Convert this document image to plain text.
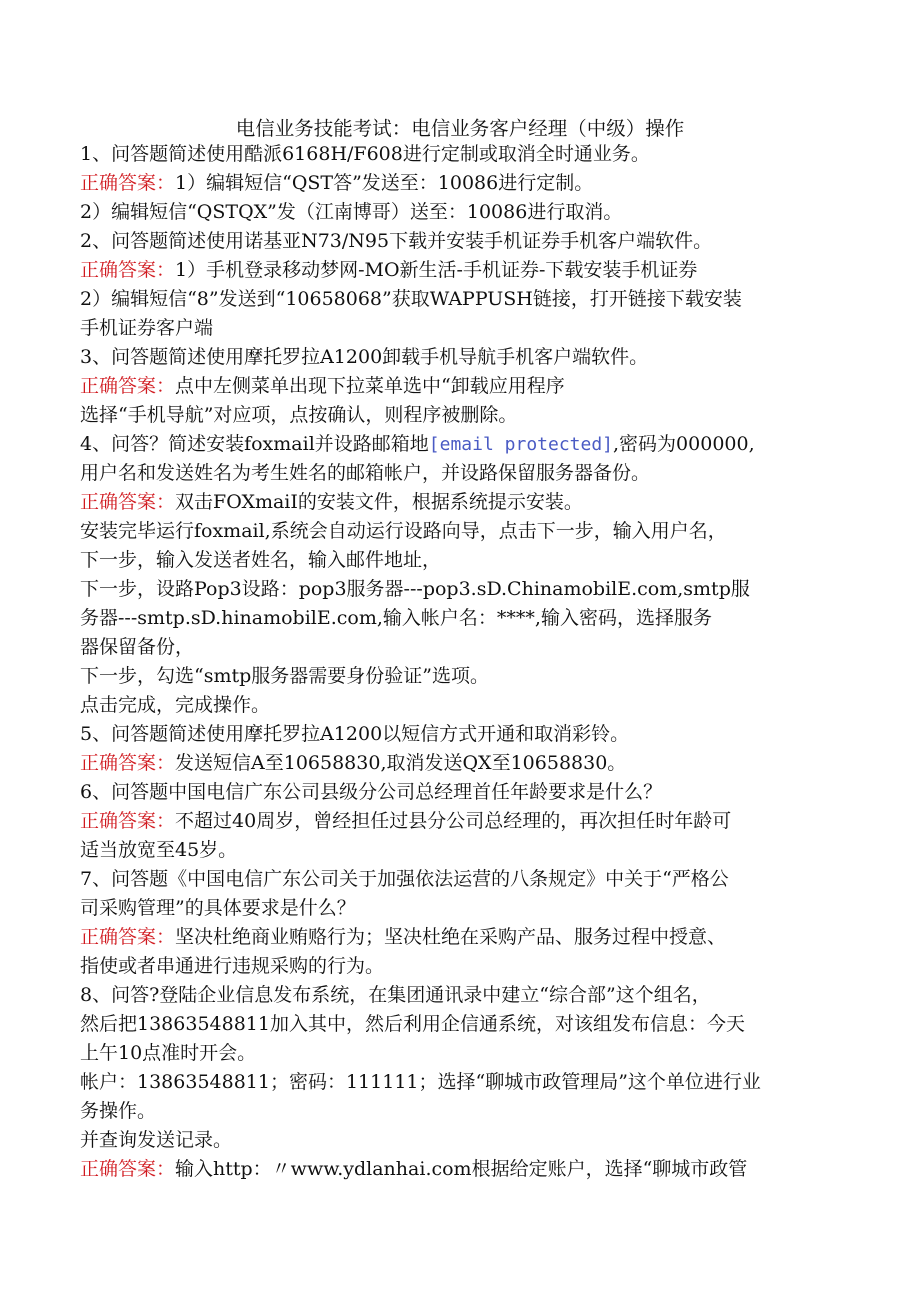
电信业务技能考试：电信业务客户经理（中级）操作
1、问答题简述使用酷派6168H/F608进行定制或取消全时通业务。
正确答案：1）编辑短信“QST答”发送至：10086进行定制。
2）编辑短信“QSTQX”发（江南博哥）送至：10086进行取消。
2、问答题简述使用诺基亚N73/N95下载并安装手机证券手机客户端软件。
正确答案：1）手机登录移动梦网-MO新生活-手机证券-下载安装手机证券
2）编辑短信“8”发送到“10658068”获取WAPPUSH链接，打开链接下载安装
手机证券客户端
3、问答题简述使用摩托罗拉A1200卸载手机导航手机客户端软件。
正确答案：点中左侧菜单出现下拉菜单选中“卸载应用程序
选择“手机导航”对应项，点按确认，则程序被删除。
4、问答？简述安装foxmail并设路邮箱地[email protected],密码为000000,
用户名和发送姓名为考生姓名的邮箱帐户，并设路保留服务器备份。
正确答案：双击FOXmaiI的安装文件，根据系统提示安装。
安装完毕运行foxmail,系统会自动运行设路向导，点击下一步，输入用户名，
下一步，输入发送者姓名，输入邮件地址，
下一步，设路Pop3设路：pop3服务器---pop3.sD.ChinamobilE.com,smtp服
务器---smtp.sD.hinamobilE.com,输入帐户名：****,输入密码，选择服务
器保留备份，
下一步，勾选“smtp服务器需要身份验证”选项。
点击完成，完成操作。
5、问答题简述使用摩托罗拉A1200以短信方式开通和取消彩铃。
正确答案：发送短信A至10658830,取消发送QX至10658830。
6、问答题中国电信广东公司县级分公司总经理首任年龄要求是什么？
正确答案：不超过40周岁，曾经担任过县分公司总经理的，再次担任时年龄可
适当放宽至45岁。
7、问答题《中国电信广东公司关于加强依法运营的八条规定》中关于“严格公
司采购管理”的具体要求是什么？
正确答案：坚决杜绝商业贿赂行为；坚决杜绝在采购产品、服务过程中授意、
指使或者串通进行违规采购的行为。
8、问答?登陆企业信息发布系统，在集团通讯录中建立“综合部”这个组名，
然后把13863548811加入其中，然后利用企信通系统，对该组发布信息：今天
上午10点准时开会。
帐户：13863548811；密码：111111；选择“聊城市政管理局”这个单位进行业
务操作。
并查询发送记录。
正确答案：输入http：〃www.ydlanhai.com根据给定账户，选择“聊城市政管
